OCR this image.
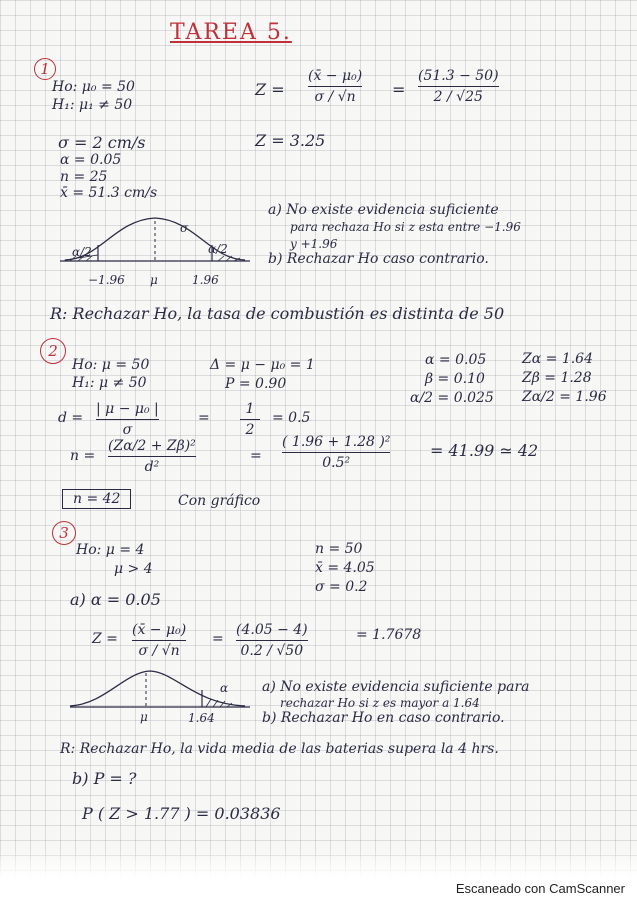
TAREA 5.
1
Ho: μ₀ = 50
H₁: μ₁ ≠ 50
Z =
(x̄ − μ₀)
σ / √n =
(51.3 − 50)
2 / √25
σ = 2 cm/s
α = 0.05
n = 25
x̄ = 51.3 cm/s
Z = 3.25
σ
α/2	α/2
−1.96 μ	1.96
a) No existe evidencia suficiente
para rechaza Ho si z esta entre −1.96
y +1.96
b) Rechazar Ho caso contrario.
R: Rechazar Ho, la tasa de combustión es distinta de 50
2
Ho: μ = 50
H₁: μ ≠ 50
Δ = μ − μ₀ = 1
P = 0.90
α = 0.05
β = 0.10
α/2 = 0.025
Zα = 1.64
Zβ = 1.28
Zα/2 = 1.96
d =
| μ − μ₀ |
σ
=
1
2
= 0.5
n =
(Zα/2 + Zβ)²
d²
=
( 1.96 + 1.28 )²
0.5²
= 41.99 ≃ 42
n = 42	Con gráfico
3
Ho: μ = 4
μ > 4
n = 50
x̄ = 4.05
σ = 0.2
a) α = 0.05
Z =
(x̄ − μ₀)
σ / √n
=
(4.05 − 4)
0.2 / √50
= 1.7678
α
μ	1.64
a) No existe evidencia suficiente para
rechazar Ho si z es mayor a 1.64
b) Rechazar Ho en caso contrario.
R: Rechazar Ho, la vida media de las baterias supera la 4 hrs.
b) P = ?
P ( Z > 1.77 ) = 0.03836
Escaneado con CamScanner
